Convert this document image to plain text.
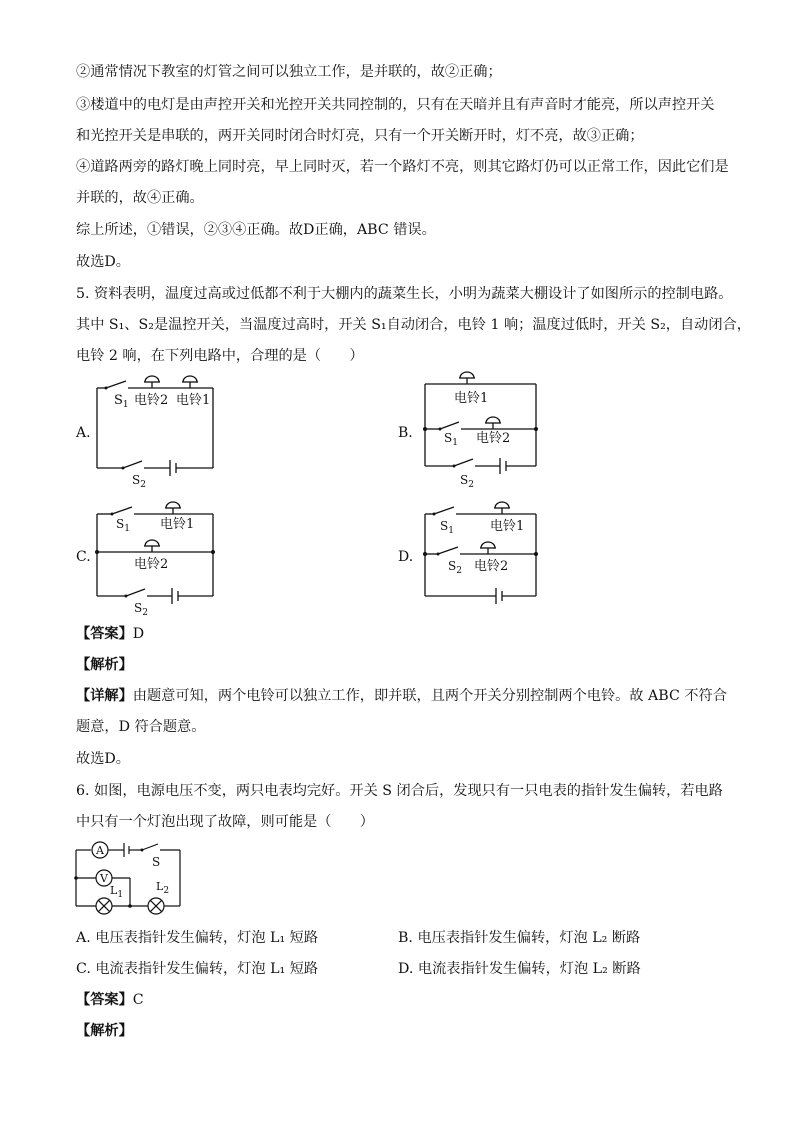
②通常情况下教室的灯管之间可以独立工作，是并联的，故②正确；
③楼道中的电灯是由声控开关和光控开关共同控制的，只有在天暗并且有声音时才能亮，所以声控开关
和光控开关是串联的，两开关同时闭合时灯亮，只有一个开关断开时，灯不亮，故③正确；
④道路两旁的路灯晚上同时亮，早上同时灭，若一个路灯不亮，则其它路灯仍可以正常工作，因此它们是
并联的，故④正确。
综上所述，①错误，②③④正确。故D正确，ABC 错误。
故选D。
5. 资料表明，温度过高或过低都不利于大棚内的蔬菜生长，小明为蔬菜大棚设计了如图所示的控制电路。
其中 S₁、S₂是温控开关，当温度过高时，开关 S₁自动闭合，电铃 1 响；温度过低时，开关 S₂，自动闭合，
电铃 2 响，在下列电路中，合理的是（　　）
A.	B.
C.	D.
$S_1$ 电铃2 电铃1
$S_2$
电铃1
$S_1$ 电铃2
$S_2$
$S_1$ 电铃1
电铃2
$S_2$
$S_1$	电铃1
$S_2$ 电铃2
【答案】D
【解析】
【详解】由题意可知，两个电铃可以独立工作，即并联，且两个开关分别控制两个电铃。故 ABC 不符合
题意，D 符合题意。
故选D。
6. 如图，电源电压不变，两只电表均完好。开关 S 闭合后，发现只有一只电表的指针发生偏转，若电路
中只有一个灯泡出现了故障，则可能是（　　）
A
V
S
$L_1$
$L_2$
A. 电压表指针发生偏转，灯泡 L₁ 短路	B. 电压表指针发生偏转，灯泡 L₂ 断路
C. 电流表指针发生偏转，灯泡 L₁ 短路	D. 电流表指针发生偏转，灯泡 L₂ 断路
【答案】C
【解析】
